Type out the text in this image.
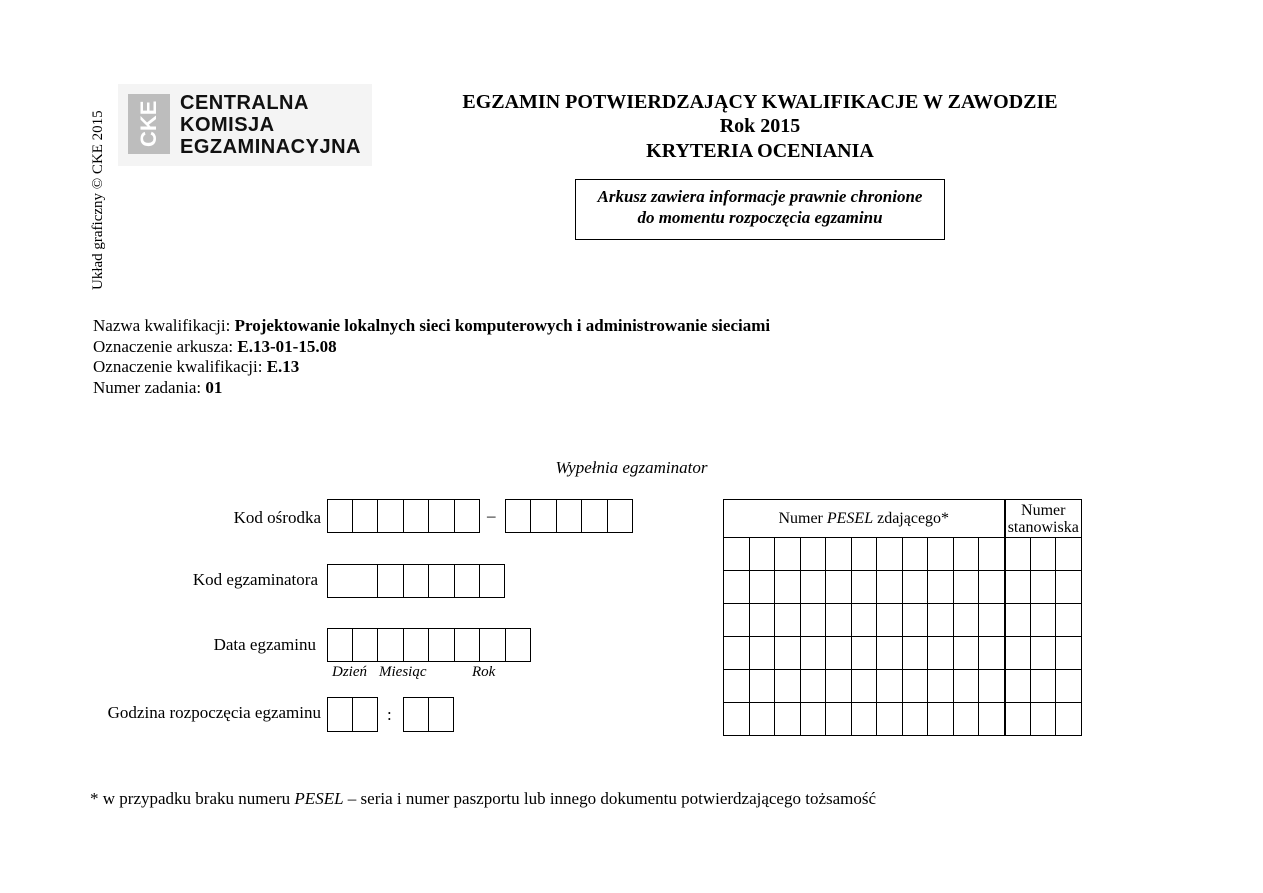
Układ graficzny © CKE 2015	CKE CENTRALNA
KOMISJA
EGZAMINACYJNA
EGZAMIN POTWIERDZAJĄCY KWALIFIKACJE W ZAWODZIE
Rok 2015
KRYTERIA OCENIANIA
Arkusz zawiera informacje prawnie chronione
do momentu rozpoczęcia egzaminu
Nazwa kwalifikacji: Projektowanie lokalnych sieci komputerowych i administrowanie sieciami
Oznaczenie arkusza: E.13-01-15.08
Oznaczenie kwalifikacji: E.13
Numer zadania: 01
Wypełnia egzaminator
Kod ośrodka	–
Kod egzaminatora
Data egzaminu
Dzień Miesiąc	Rok
Godzina rozpoczęcia egzaminu	:
Numer PESEL zdającego*											Numer
stanowiska		

* w przypadku braku numeru PESEL – seria i numer paszportu lub innego dokumentu potwierdzającego tożsamość
